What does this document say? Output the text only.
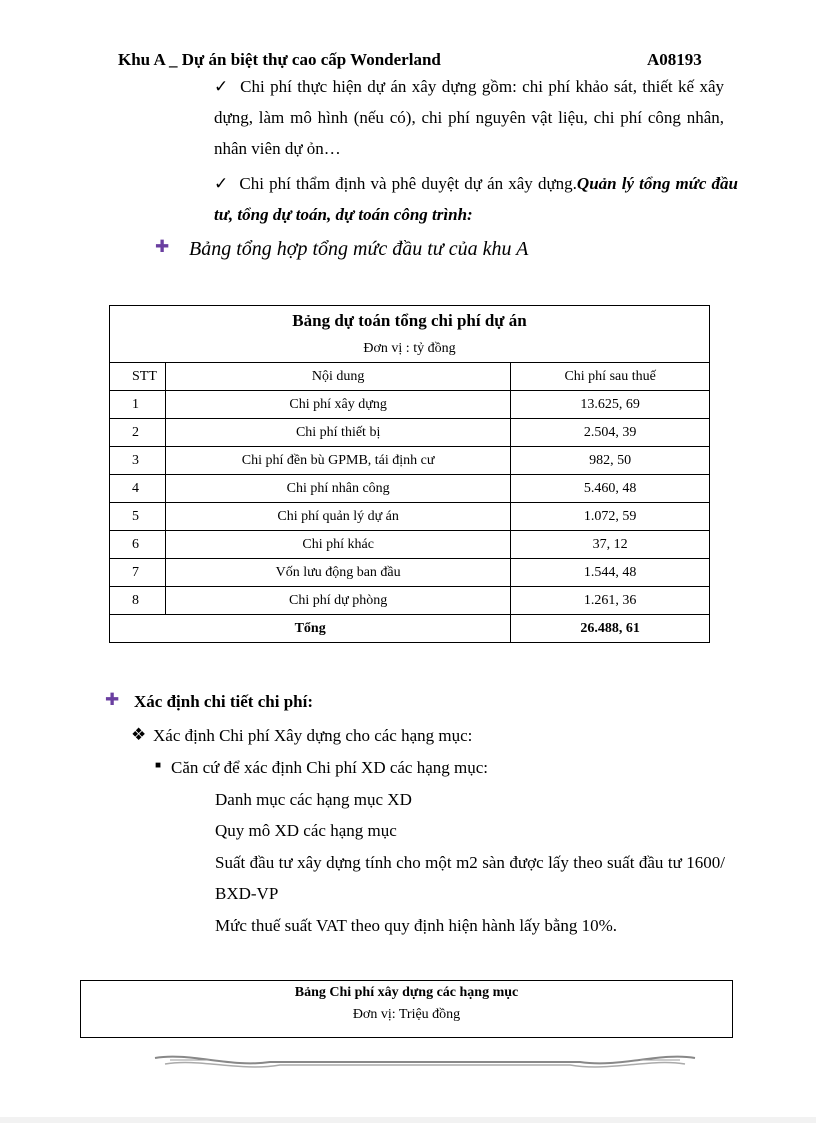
Khu A _ Dự án biệt thự cao cấp Wonderland	A08193
✓ Chi phí thực hiện dự án xây dựng gồm: chi phí khảo sát, thiết kế xây dựng, làm mô hình (nếu có), chi phí nguyên vật liệu, chi phí công nhân, nhân viên dự ỏn…
✓ Chi phí thẩm định và phê duyệt dự án xây dựng.Quản lý tổng mức đầu tư, tổng dự toán, dự toán công trình:
✚ Bảng tổng hợp tổng mức đầu tư của khu A
Bảng dự toán tổng chi phí dự án		
Đơn vị : tỷ đồng		
STT	Nội dung	Chi phí sau thuế
1	Chi phí xây dựng	13.625, 69
2	Chi phí thiết bị	2.504, 39
3	Chi phí đền bù GPMB, tái định cư	982, 50
4	Chi phí nhân công	5.460, 48
5	Chi phí quản lý dự án	1.072, 59
6	Chi phí khác	37, 12
7	Vốn lưu động ban đầu	1.544, 48
8	Chi phí dự phòng	1.261, 36
Tổng		26.488, 61
✚ Xác định chi tiết chi phí:
❖ Xác định Chi phí Xây dựng cho các hạng mục:
■ Căn cứ để xác định Chi phí XD các hạng mục:
Danh mục các hạng mục XD
Quy mô XD các hạng mục
Suất đầu tư xây dựng tính cho một m2 sàn được lấy theo suất đầu tư 1600/ BXD-VP
Mức thuế suất VAT theo quy định hiện hành lấy bằng 10%.
Bảng Chi phí xây dựng các hạng mục
Đơn vị: Triệu đồng
